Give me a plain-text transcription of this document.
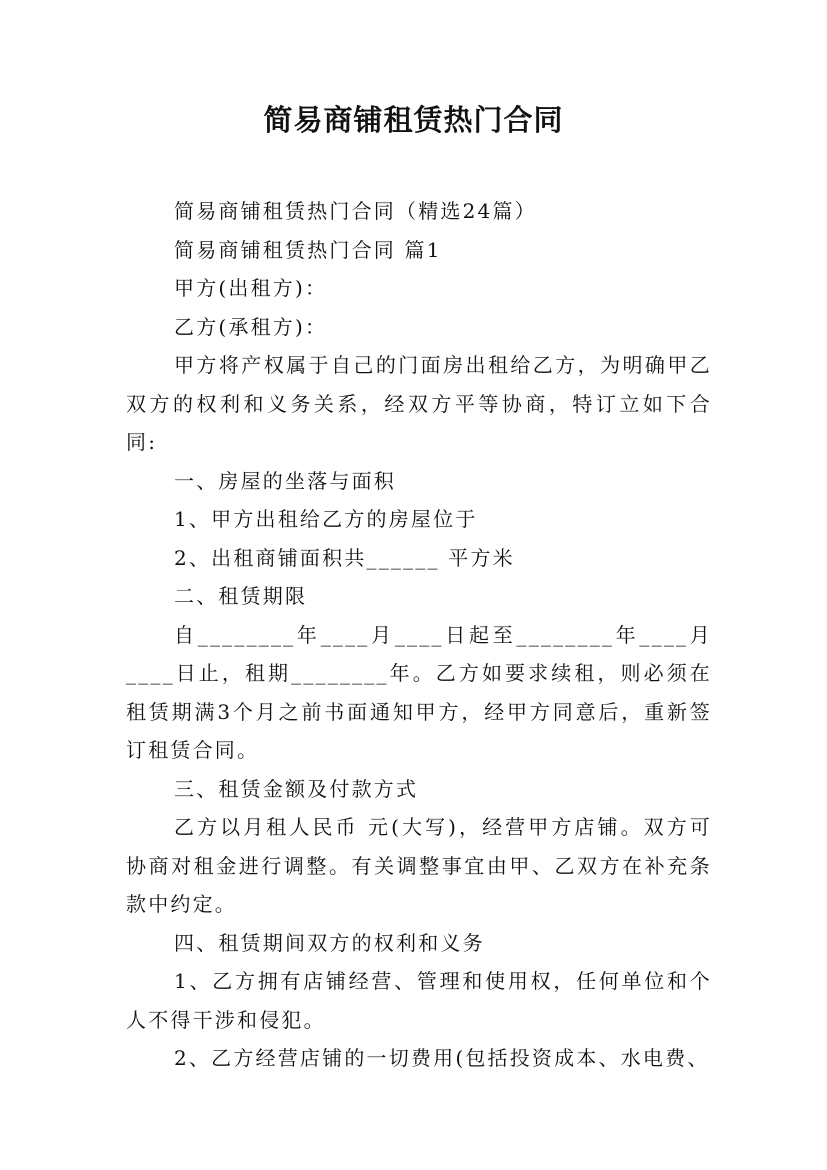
简易商铺租赁热门合同

简易商铺租赁热门合同（精选24篇）

简易商铺租赁热门合同 篇1

甲方(出租方)：

乙方(承租方)：

甲方将产权属于自己的门面房出租给乙方，为明确甲乙双方的权利和义务关系，经双方平等协商，特订立如下合同:

一、房屋的坐落与面积

1、甲方出租给乙方的房屋位于

2、出租商铺面积共______ 平方米

二、租赁期限

自________年____月____日起至________年____月____日止，租期________年。乙方如要求续租，则必须在租赁期满3个月之前书面通知甲方，经甲方同意后，重新签订租赁合同。

三、租赁金额及付款方式

乙方以月租人民币 元(大写)，经营甲方店铺。双方可协商对租金进行调整。有关调整事宜由甲、乙双方在补充条款中约定。

四、租赁期间双方的权利和义务

1、乙方拥有店铺经营、管理和使用权，任何单位和个人不得干涉和侵犯。

2、乙方经营店铺的一切费用(包括投资成本、水电费、
